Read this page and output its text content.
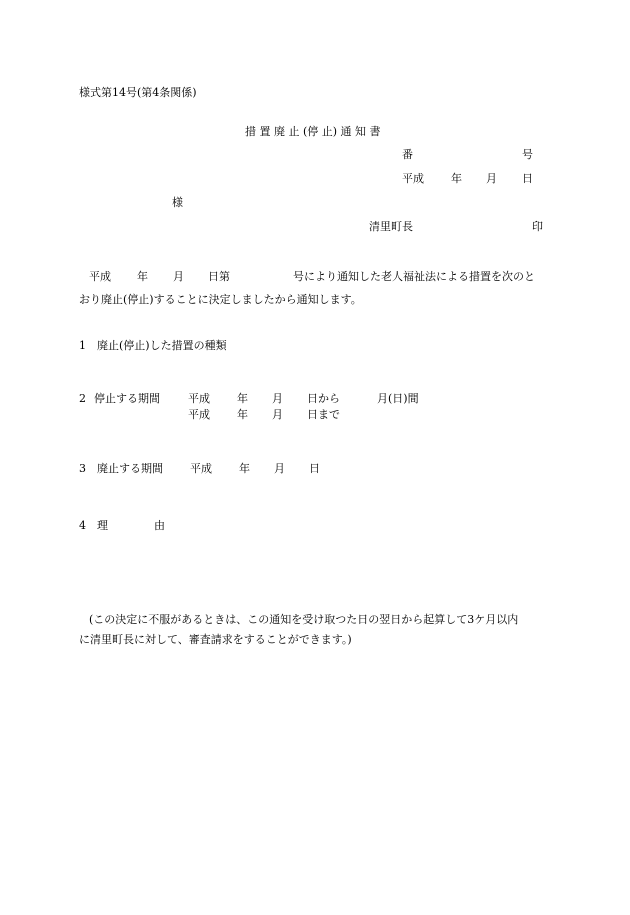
様式第14号(第4条関係)
措 置 廃 止 (停 止) 通 知 書
番	号
平成 年 月 日
様
清里町長	印
平成 年 月 日第	号により通知した老人福祉法による措置を次のと
おり廃止(停止)することに決定しましたから通知します。
1 廃止(停止)した措置の種類
2 停止する期間	平成 年 月 日から	月(日)間
平成 年 月 日まで
3 廃止する期間 平成 年 月 日
4 理	由
(この決定に不服があるときは、この通知を受け取つた日の翌日から起算して3ケ月以内
に清里町長に対して、審査請求をすることができます。)
